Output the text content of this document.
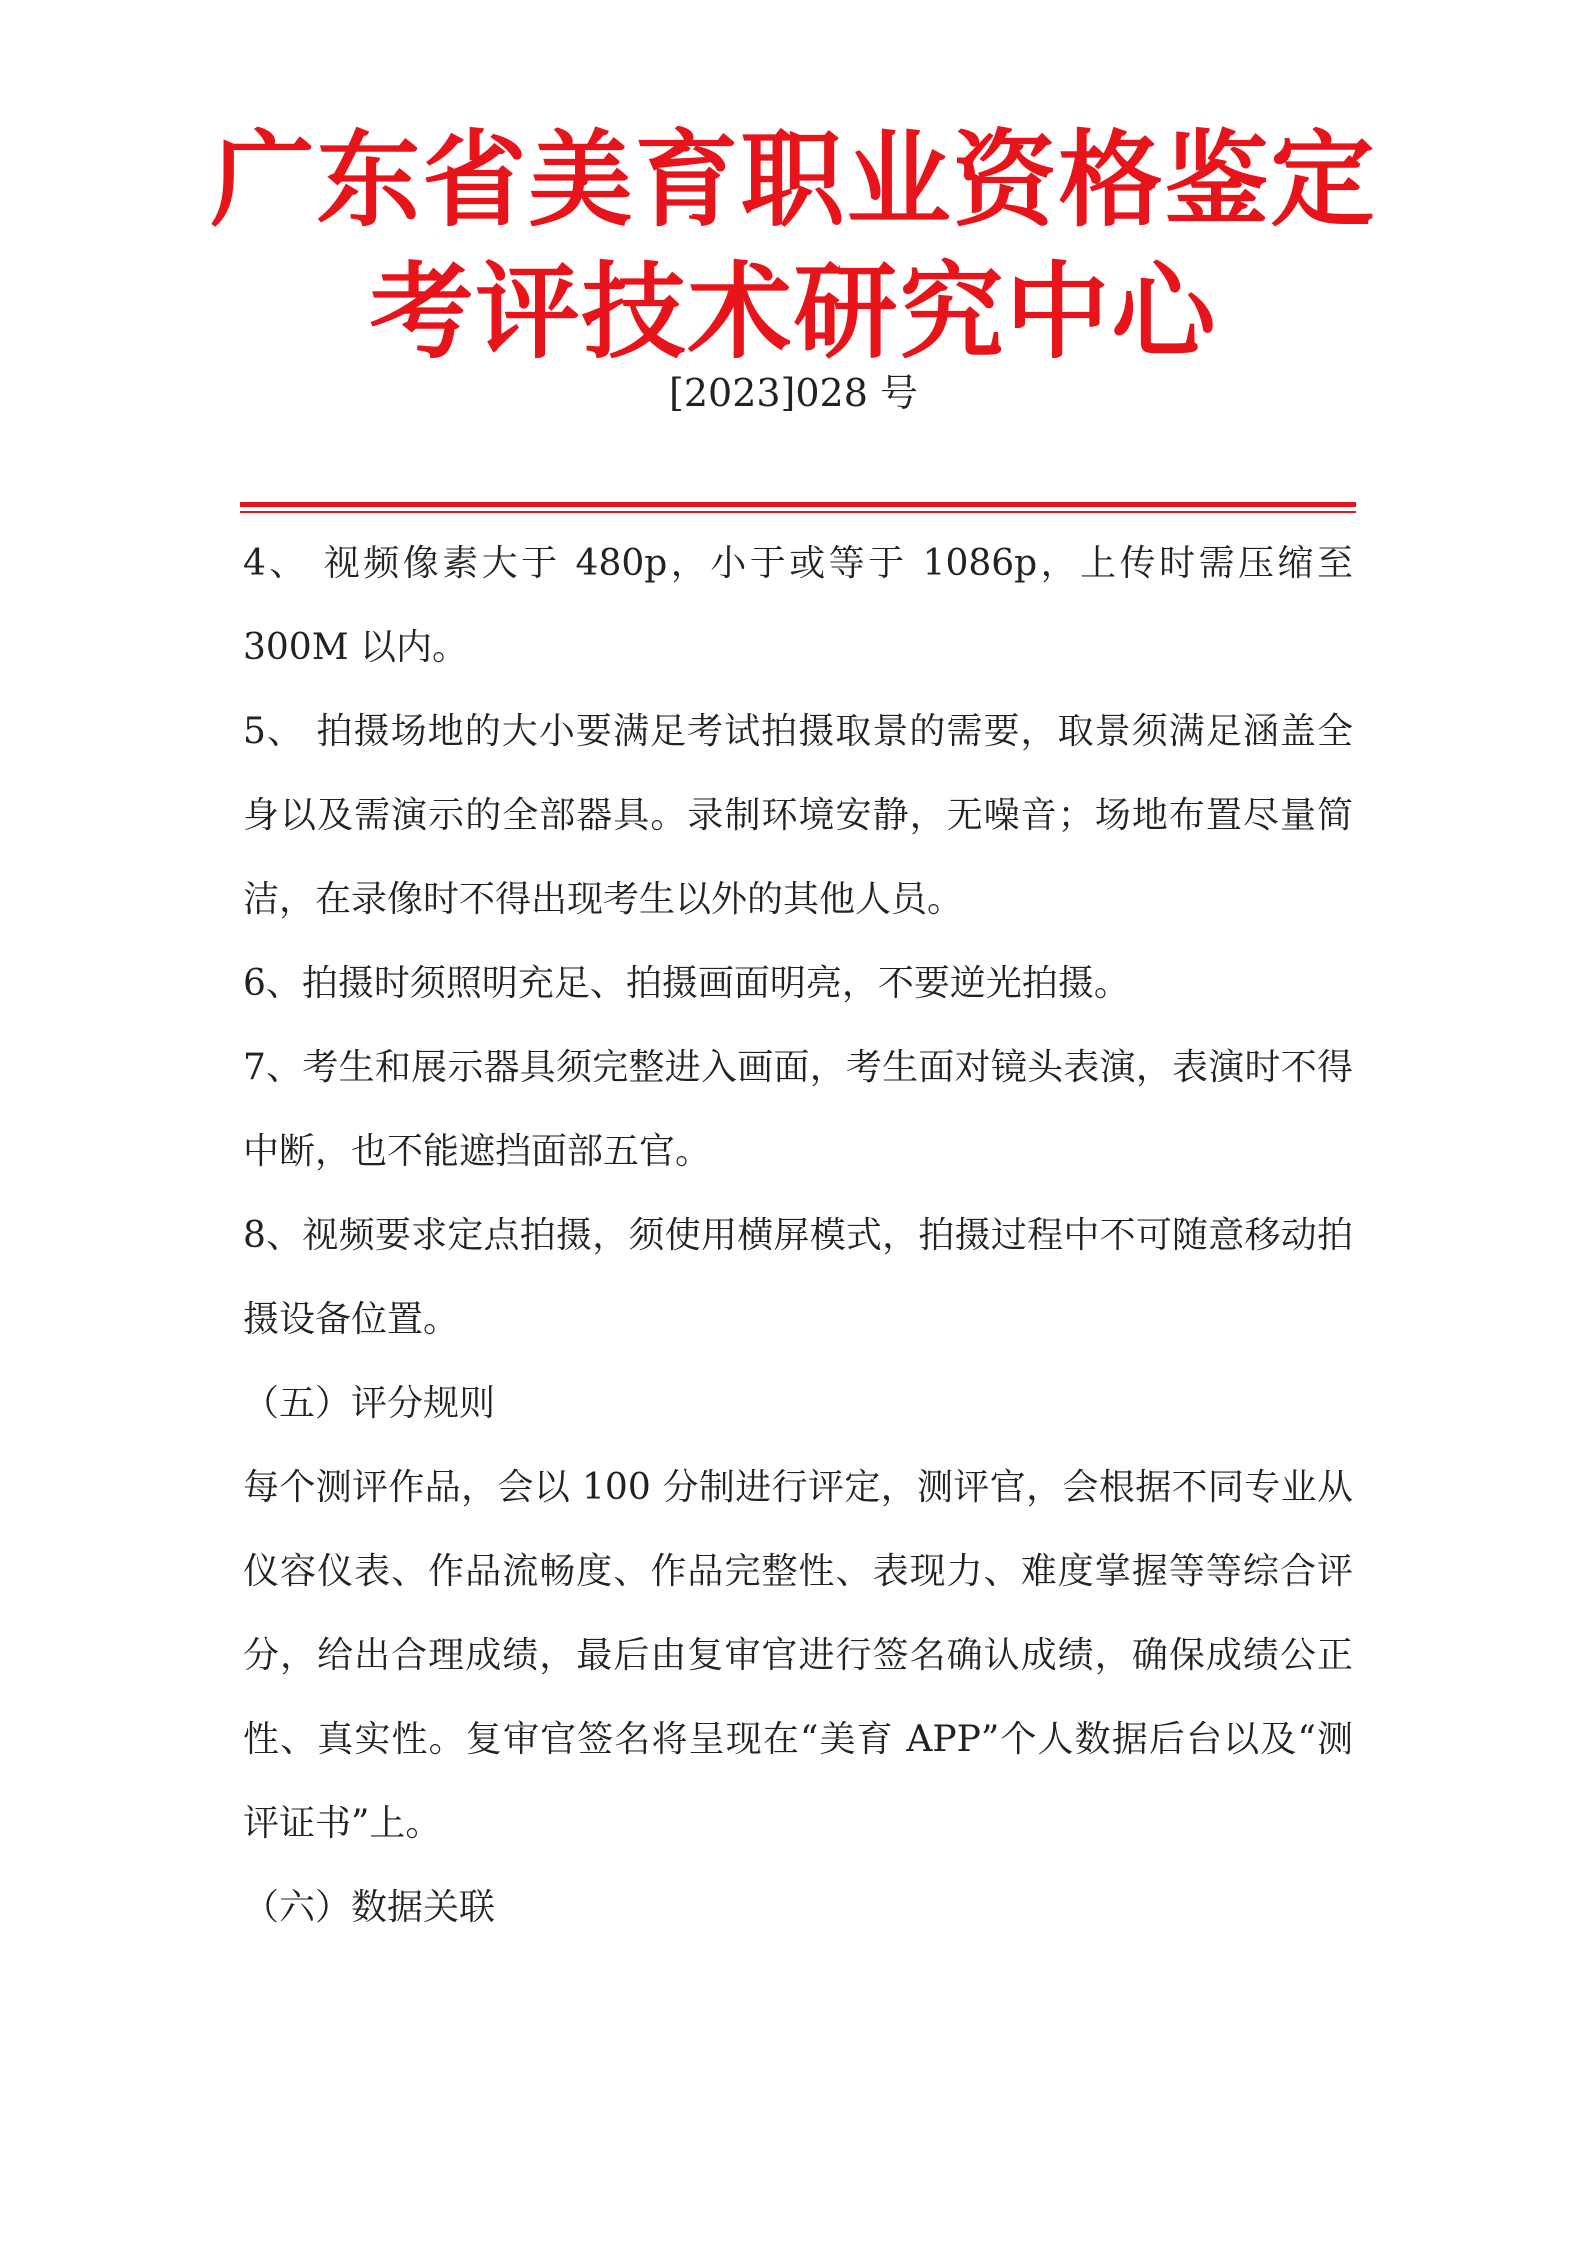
广东省美育职业资格鉴定
考评技术研究中心
[2023]028 号

4、 视频像素大于 480p，小于或等于 1086p，上传时需压缩至 300M 以内。

5、 拍摄场地的大小要满足考试拍摄取景的需要，取景须满足涵盖全身以及需演示的全部器具。录制环境安静，无噪音；场地布置尽量简洁，在录像时不得出现考生以外的其他人员。

6、拍摄时须照明充足、拍摄画面明亮，不要逆光拍摄。

7、考生和展示器具须完整进入画面，考生面对镜头表演，表演时不得中断，也不能遮挡面部五官。

8、视频要求定点拍摄，须使用横屏模式，拍摄过程中不可随意移动拍摄设备位置。

（五）评分规则

每个测评作品，会以 100 分制进行评定，测评官，会根据不同专业从仪容仪表、作品流畅度、作品完整性、表现力、难度掌握等等综合评分，给出合理成绩，最后由复审官进行签名确认成绩，确保成绩公正性、真实性。复审官签名将呈现在“美育 APP”个人数据后台以及“测评证书”上。

（六）数据关联
